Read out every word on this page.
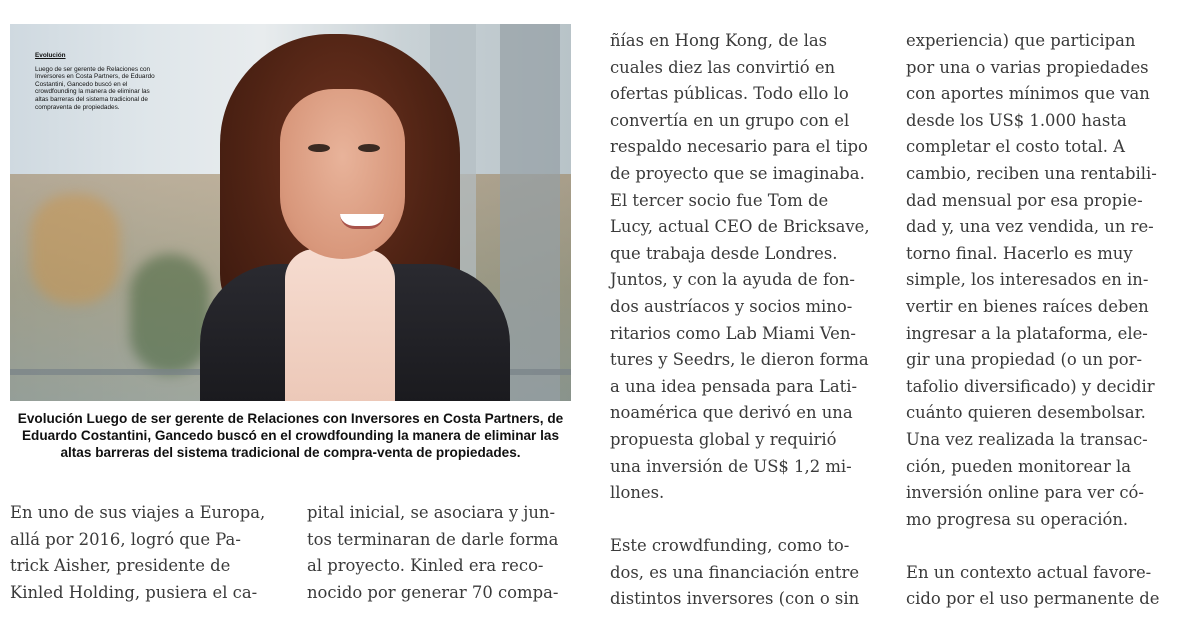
Evolución
Luego de ser gerente de Relaciones con Inversores en Costa Partners, de Eduardo Costantini, Gancedo buscó en el crowdfounding la manera de eliminar las altas barreras del sistema tradicional de compraventa de propiedades.
Evolución Luego de ser gerente de Relaciones con Inversores en Costa Partners, de Eduardo Costantini, Gancedo buscó en el crowdfounding la manera de eliminar las altas barreras del sistema tradicional de compra-venta de propiedades.
En uno de sus viajes a Europa,
allá por 2016, logró que Pa-
trick Aisher, presidente de
Kinled Holding, pusiera el ca-
pital inicial, se asociara y jun-
tos terminaran de darle forma
al proyecto. Kinled era reco-
nocido por generar 70 compa-
ñías en Hong Kong, de las
cuales diez las convirtió en
ofertas públicas. Todo ello lo
convertía en un grupo con el
respaldo necesario para el tipo
de proyecto que se imaginaba.
El tercer socio fue Tom de
Lucy, actual CEO de Bricksave,
que trabaja desde Londres.
Juntos, y con la ayuda de fon-
dos austríacos y socios mino-
ritarios como Lab Miami Ven-
tures y Seedrs, le dieron forma
a una idea pensada para Lati-
noamérica que derivó en una
propuesta global y requirió
una inversión de US$ 1,2 mi-
llones.
Este crowdfunding, como to-
dos, es una financiación entre
distintos inversores (con o sin
experiencia) que participan
por una o varias propiedades
con aportes mínimos que van
desde los US$ 1.000 hasta
completar el costo total. A
cambio, reciben una rentabili-
dad mensual por esa propie-
dad y, una vez vendida, un re-
torno final. Hacerlo es muy
simple, los interesados en in-
vertir en bienes raíces deben
ingresar a la plataforma, ele-
gir una propiedad (o un por-
tafolio diversificado) y decidir
cuánto quieren desembolsar.
Una vez realizada la transac-
ción, pueden monitorear la
inversión online para ver có-
mo progresa su operación.
En un contexto actual favore-
cido por el uso permanente de
